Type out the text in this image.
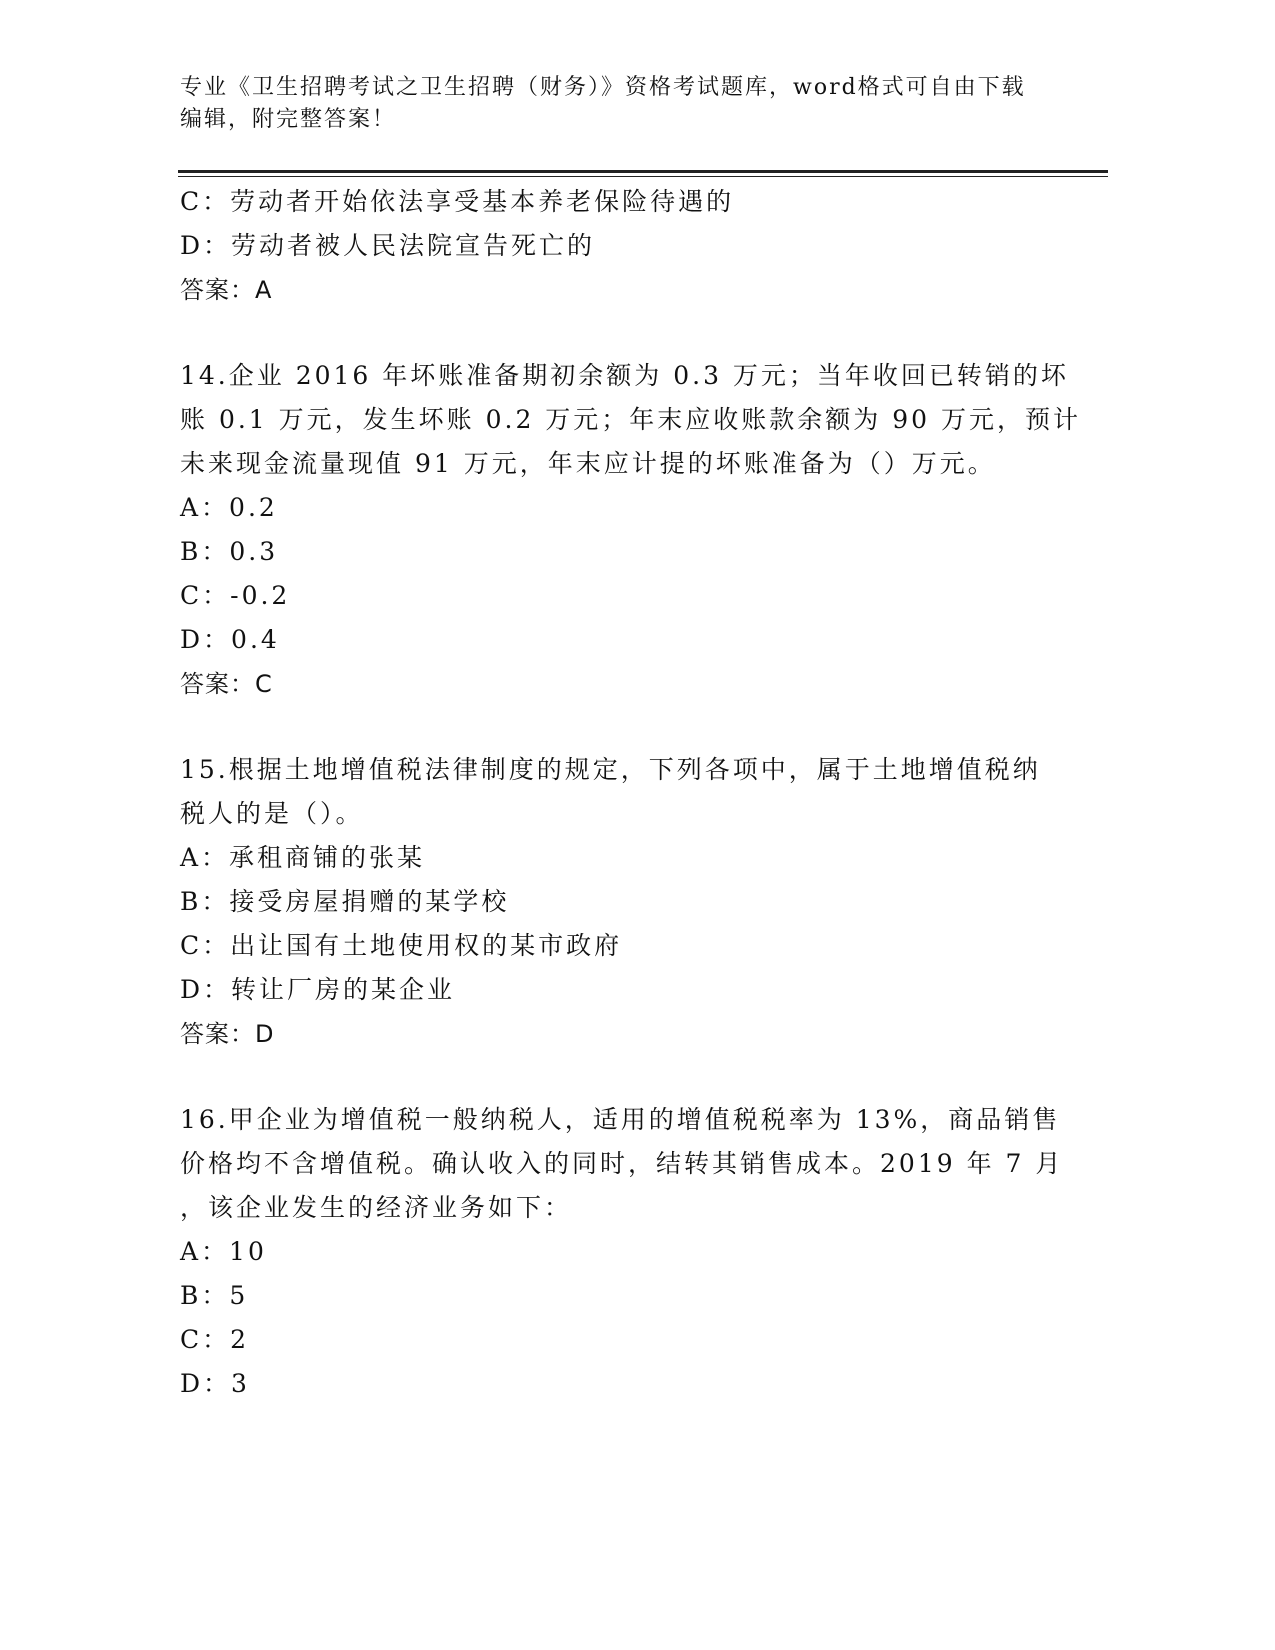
专业《卫生招聘考试之卫生招聘（财务）》资格考试题库，word格式可自由下载
编辑，附完整答案！
C：劳动者开始依法享受基本养老保险待遇的
D：劳动者被人民法院宣告死亡的
答案：A
14.企业 2016 年坏账准备期初余额为 0.3 万元；当年收回已转销的坏
账 0.1 万元，发生坏账 0.2 万元；年末应收账款余额为 90 万元，预计
未来现金流量现值 91 万元，年末应计提的坏账准备为（）万元。
A：0.2
B：0.3
C：-0.2
D：0.4
答案：C
15.根据土地增值税法律制度的规定，下列各项中，属于土地增值税纳
税人的是（）。
A：承租商铺的张某
B：接受房屋捐赠的某学校
C：出让国有土地使用权的某市政府
D：转让厂房的某企业
答案：D
16.甲企业为增值税一般纳税人，适用的增值税税率为 13%，商品销售
价格均不含增值税。确认收入的同时，结转其销售成本。2019 年 7 月
，该企业发生的经济业务如下：
A：10
B：5
C：2
D：3
